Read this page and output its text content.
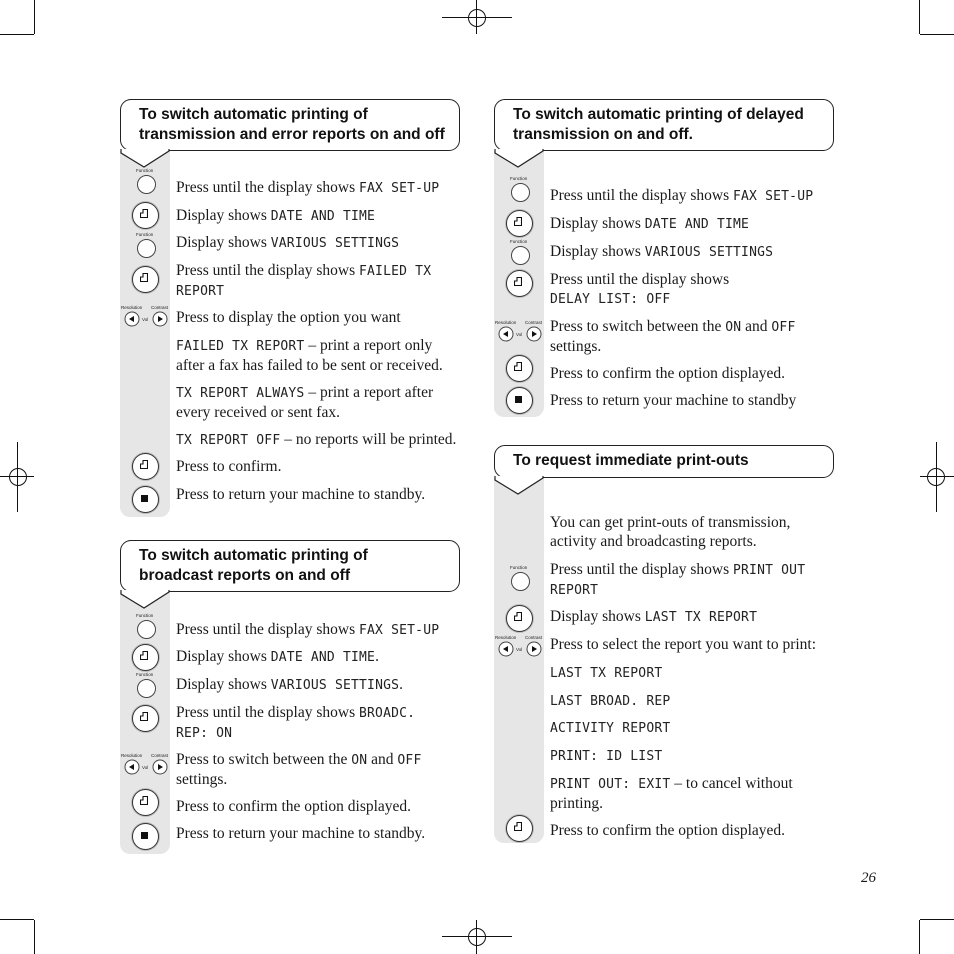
To switch automatic printing of
transmission and error reports on and off
Function
Function
Resolution Contrast
Vol
Press until the display shows FAX SET-UP
Display shows DATE AND TIME
Display shows VARIOUS SETTINGS
Press until the display shows FAILED TX
REPORT
Press to display the option you want
FAILED TX REPORT – print a report only
after a fax has failed to be sent or received.
TX REPORT ALWAYS – print a report after
every received or sent fax.
TX REPORT OFF – no reports will be printed.
Press to confirm.
Press to return your machine to standby.
To switch automatic printing of
broadcast reports on and off
Function
Function
Resolution Contrast
Vol
Press until the display shows FAX SET-UP
Display shows DATE AND TIME.
Display shows VARIOUS SETTINGS.
Press until the display shows BROADC.
REP: ON
Press to switch between the ON and OFF
settings.
Press to confirm the option displayed.
Press to return your machine to standby.
To switch automatic printing of delayed
transmission on and off.
Function
Function
Resolution Contrast
Vol
Press until the display shows FAX SET-UP
Display shows DATE AND TIME
Display shows VARIOUS SETTINGS
Press until the display shows
DELAY LIST: OFF
Press to switch between the ON and OFF
settings.
Press to confirm the option displayed.
Press to return your machine to standby
To request immediate print-outs
Function
Resolution Contrast
Vol
You can get print-outs of transmission,
activity and broadcasting reports.
Press until the display shows PRINT OUT
REPORT
Display shows LAST TX REPORT
Press to select the report you want to print:
LAST TX REPORT
LAST BROAD. REP
ACTIVITY REPORT
PRINT: ID LIST
PRINT OUT: EXIT – to cancel without
printing.
Press to confirm the option displayed.
26
